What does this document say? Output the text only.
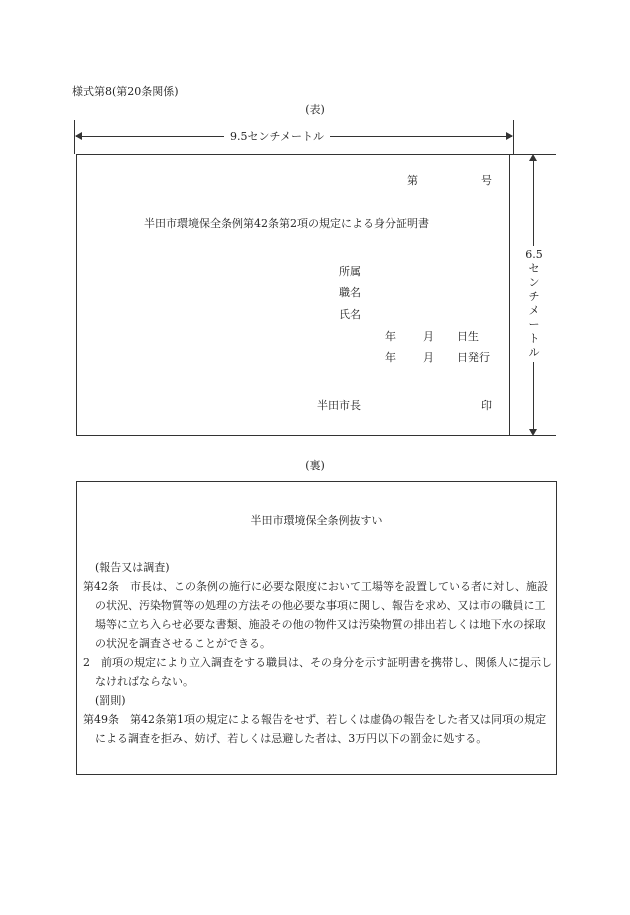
様式第8(第20条関係)
(表)
9.5センチメートル
第	号
半田市環境保全条例第42条第2項の規定による身分証明書
所属
職名
氏名
年 月 日生
年 月 日発行
半田市長	印
6.5
セ
ン
チ
メ
ー
ト
ル
(裏)
半田市環境保全条例抜すい
(報告又は調査)
第42条　市長は、この条例の施行に必要な限度において工場等を設置している者に対し、施設の状況、汚染物質等の処理の方法その他必要な事項に関し、報告を求め、又は市の職員に工場等に立ち入らせ必要な書類、施設その他の物件又は汚染物質の排出若しくは地下水の採取の状況を調査させることができる。
2　前項の規定により立入調査をする職員は、その身分を示す証明書を携帯し、関係人に提示しなければならない。
(罰則)
第49条　第42条第1項の規定による報告をせず、若しくは虚偽の報告をした者又は同項の規定による調査を拒み、妨げ、若しくは忌避した者は、3万円以下の罰金に処する。
